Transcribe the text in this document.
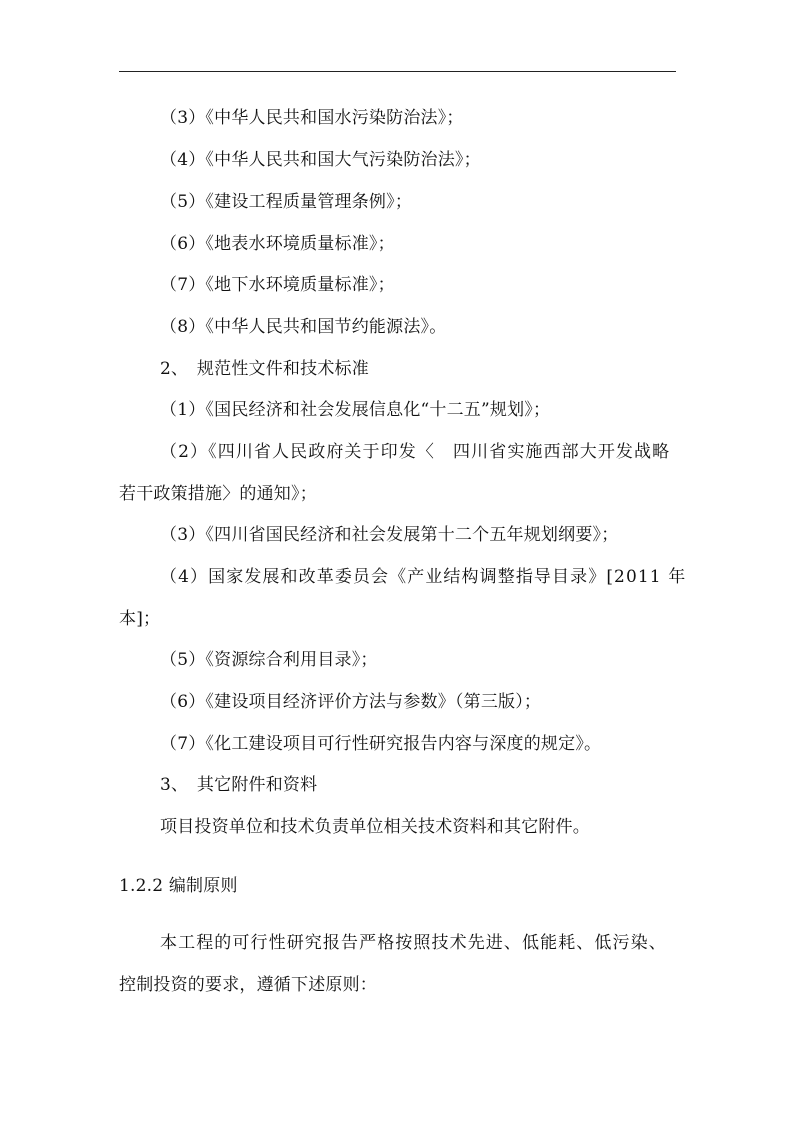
（3）《中华人民共和国水污染防治法》；
（4）《中华人民共和国大气污染防治法》；
（5）《建设工程质量管理条例》；
（6）《地表水环境质量标准》；
（7）《地下水环境质量标准》；
（8）《中华人民共和国节约能源法》。
2、　规范性文件和技术标准
（1）《国民经济和社会发展信息化“十二五”规划》；
（2）《四川省人民政府关于印发〈　四川省实施西部大开发战略
若干政策措施〉的通知》；
（3）《四川省国民经济和社会发展第十二个五年规划纲要》；
（4）国家发展和改革委员会《产业结构调整指导目录》[2011 年
本]；
（5）《资源综合利用目录》；
（6）《建设项目经济评价方法与参数》（第三版）；
（7）《化工建设项目可行性研究报告内容与深度的规定》。
3、　其它附件和资料
项目投资单位和技术负责单位相关技术资料和其它附件。
1.2.2 编制原则
本工程的可行性研究报告严格按照技术先进、低能耗、低污染、
控制投资的要求，遵循下述原则：
